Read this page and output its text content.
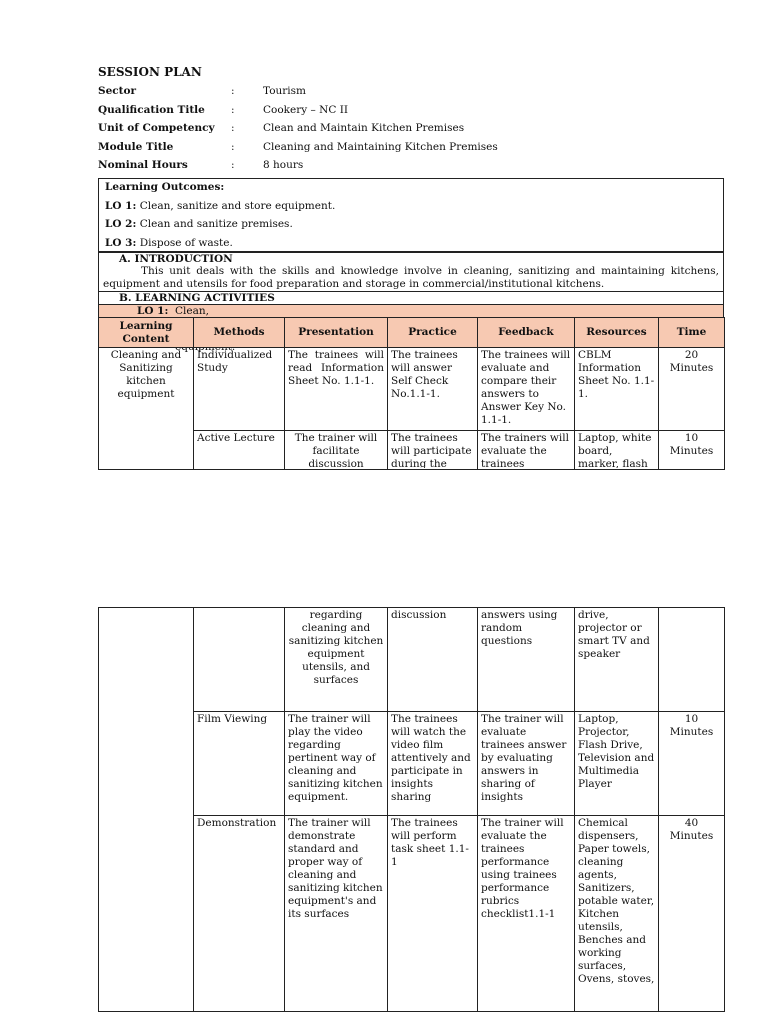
SESSION PLAN
Sector	:	Tourism
Qualification Title	:	Cookery – NC II
Unit of Competency	:	Clean and Maintain Kitchen Premises
Module Title	:	Cleaning and Maintaining Kitchen Premises
Nominal Hours	:	8 hours
Learning Outcomes:
LO 1: Clean, sanitize and store equipment.
LO 2: Clean and sanitize premises.
LO 3: Dispose of waste.
A. INTRODUCTION
This unit deals with the skills and knowledge involve in cleaning, sanitizing and maintaining kitchens, equipment and utensils for food preparation and storage in commercial/institutional kitchens.
B. LEARNING ACTIVITIES
LO 1: Clean,
Learning Content	Methods	Presentation	Practice	Feedback	Resources	Time
Cleaning and Sanitizing kitchen equipment	Individualized Study	The trainees will read Information Sheet No. 1.1-1.	The trainees will answer Self Check No.1.1-1.	The trainees will evaluate and compare their answers to Answer Key No. 1.1-1.	CBLM Information Sheet No. 1.1-1.	20 Minutes

	Active Lecture	The trainer will facilitate discussion	The trainees will participate during the	The trainers will evaluate the trainees	Laptop, white board, marker, flash	10 Minutes
		regarding cleaning and sanitizing kitchen equipment utensils, and surfaces	discussion	answers using random questions	drive, projector or smart TV and speaker	
	Film Viewing	The trainer will play the video regarding pertinent way of cleaning and sanitizing kitchen equipment.	The trainees will watch the video film attentively and participate in insights sharing	The trainer will evaluate trainees answer by evaluating answers in sharing of insights	Laptop, Projector, Flash Drive, Television and Multimedia Player	10 Minutes
	Demonstration	The trainer will demonstrate standard and proper way of cleaning and sanitizing kitchen equipment's and its surfaces	The trainees will perform task sheet 1.1-1	The trainer will evaluate the trainees performance using trainees performance rubrics checklist1.1-1	Chemical dispensers, Paper towels, cleaning agents, Sanitizers, potable water, Kitchen utensils, Benches and working surfaces, Ovens, stoves,	40 Minutes
